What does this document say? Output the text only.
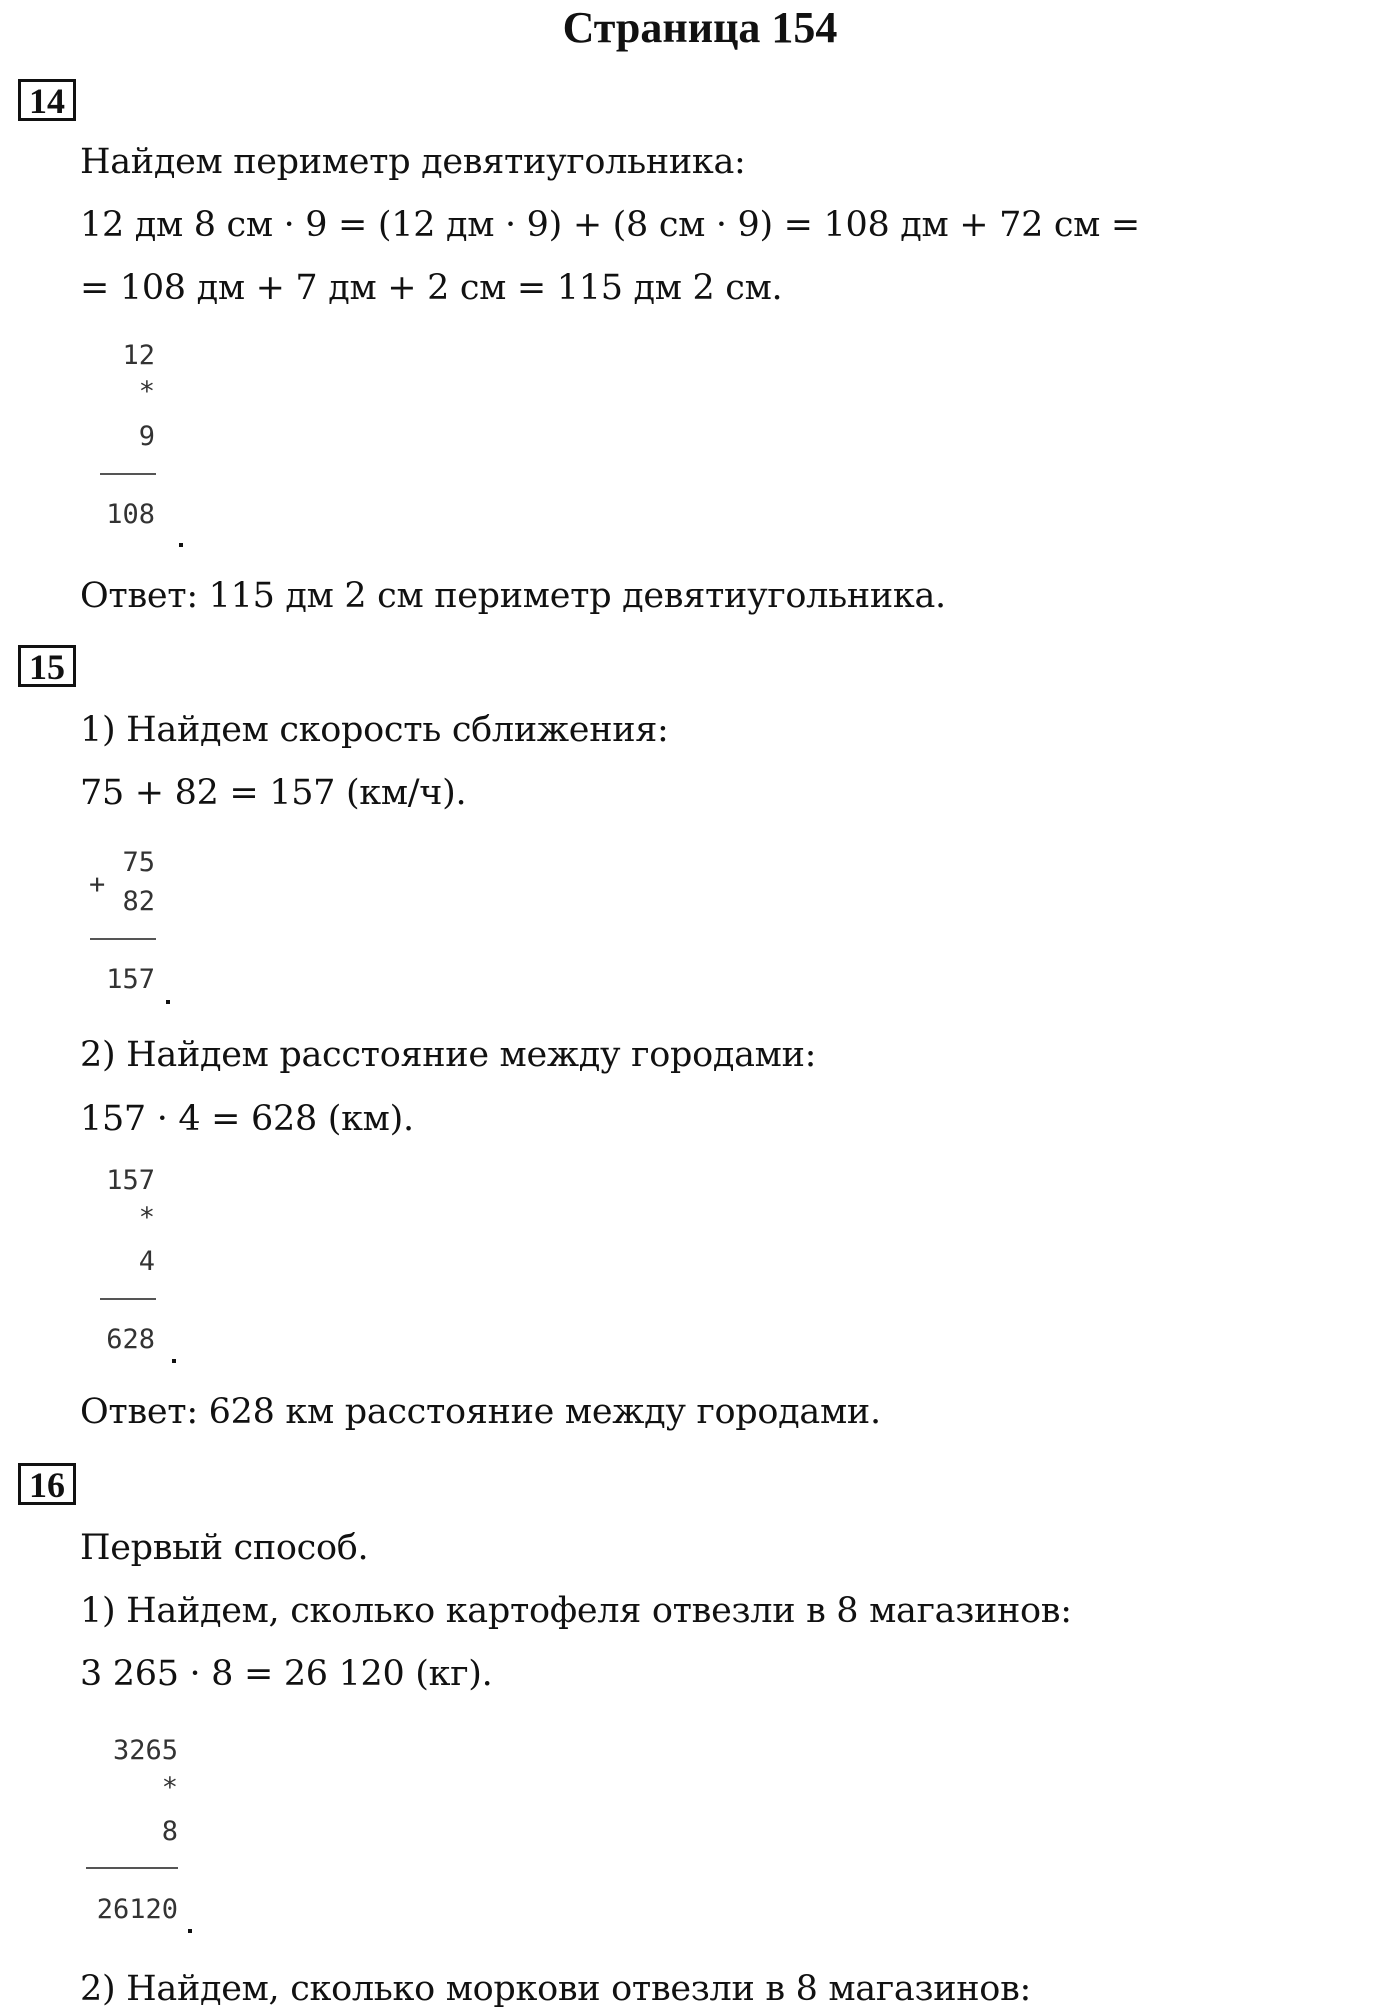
Страница 154
14
Найдем периметр девятиугольника:
12 дм 8 см · 9 = (12 дм · 9) + (8 см · 9) = 108 дм + 72 см =
= 108 дм + 7 дм + 2 см = 115 дм 2 см.
12
*
9
108
Ответ: 115 дм 2 см периметр девятиугольника.
15
1) Найдем скорость сближения:
75 + 82 = 157 (км/ч).
+
75
82
157
2) Найдем расстояние между городами:
157 · 4 = 628 (км).
157
*
4
628
Ответ: 628 км расстояние между городами.
16
Первый способ.
1) Найдем, сколько картофеля отвезли в 8 магазинов:
3 265 · 8 = 26 120 (кг).
3265
*
8
26120
2) Найдем, сколько моркови отвезли в 8 магазинов:
